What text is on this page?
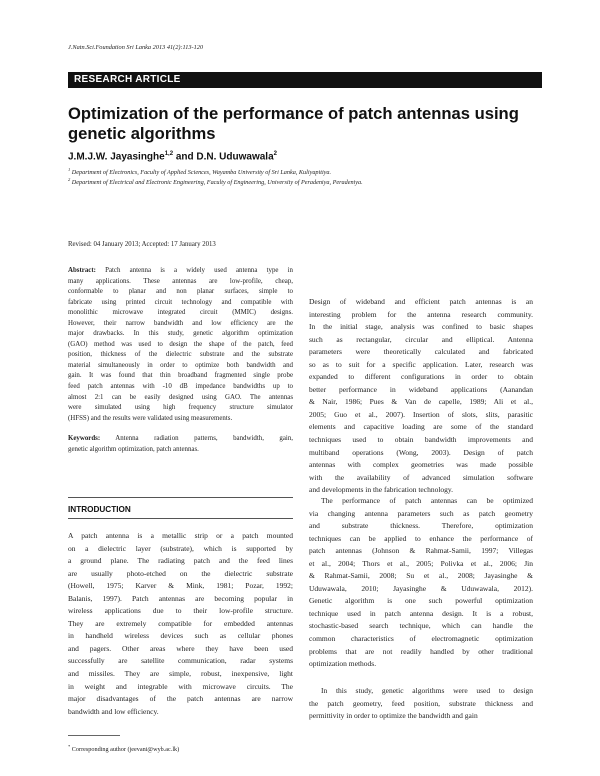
J.Natn.Sci.Foundation Sri Lanka 2013 41(2):113-120
RESEARCH ARTICLE
Optimization of the performance of patch antennas using genetic algorithms
J.M.J.W. Jayasinghe$^{1,2}$ and D.N. Uduwawala$^2$
$^1$ Department of Electronics, Faculty of Applied Sciences, Wayamba University of Sri Lanka, Kuliyapitiya.
$^2$ Department of Electrical and Electronic Engineering, Faculty of Engineering, University of Peradeniya, Peradeniya.
Revised: 04 January 2013; Accepted: 17 January 2013
Abstract: Patch antenna is a widely used antenna type in
many applications. These antennas are low-profile, cheap,
conformable to planar and non planar surfaces, simple to
fabricate using printed circuit technology and compatible with
monolithic microwave integrated circuit (MMIC) designs.
However, their narrow bandwidth and low efficiency are the
major drawbacks. In this study, genetic algorithm optimization
(GAO) method was used to design the shape of the patch, feed
position, thickness of the dielectric substrate and the substrate
material simultaneously in order to optimize both bandwidth and
gain. It was found that thin broadband fragmented single probe
feed patch antennas with -10 dB impedance bandwidths up to
almost 2:1 can be easily designed using GAO. The antennas
were simulated using high frequency structure simulator
(HFSS) and the results were validated using measurements.
Keywords: Antenna radiation patterns, bandwidth, gain,
genetic algorithm optimization, patch antennas.
INTRODUCTION
A patch antenna is a metallic strip or a patch mounted
on a dielectric layer (substrate), which is supported by
a ground plane. The radiating patch and the feed lines
are usually photo-etched on the dielectric substrate
(Howell, 1975; Karver & Mink, 1981; Pozar, 1992;
Balanis, 1997). Patch antennas are becoming popular in
wireless applications due to their low-profile structure.
They are extremely compatible for embedded antennas
in handheld wireless devices such as cellular phones
and pagers. Other areas where they have been used
successfully are satellite communication, radar systems
and missiles. They are simple, robust, inexpensive, light
in weight and integrable with microwave circuits. The
major disadvantages of the patch antennas are narrow
bandwidth and low efficiency.
Design of wideband and efficient patch antennas is an
interesting problem for the antenna research community.
In the initial stage, analysis was confined to basic shapes
such as rectangular, circular and elliptical. Antenna
parameters were theoretically calculated and fabricated
so as to suit for a specific application. Later, research was
expanded to different configurations in order to obtain
better performance in wideband applications (Aanandan
& Nair, 1986; Pues & Van de capelle, 1989; Ali et al.,
2005; Guo et al., 2007). Insertion of slots, slits, parasitic
elements and capacitive loading are some of the standard
techniques used to obtain bandwidth improvements and
multiband operations (Wong, 2003). Design of patch
antennas with complex geometries was made possible
with the availability of advanced simulation software
and developments in the fabrication technology.
The performance of patch antennas can be optimized
via changing antenna parameters such as patch geometry
and substrate thickness. Therefore, optimization
techniques can be applied to enhance the performance of
patch antennas (Johnson & Rahmat-Samii, 1997; Villegas
et al., 2004; Thors et al., 2005; Polivka et al., 2006; Jin
& Rahmat-Samii, 2008; Su et al., 2008; Jayasinghe &
Uduwawala, 2010; Jayasinghe & Uduwawala, 2012).
Genetic algorithm is one such powerful optimization
technique used in patch antenna design. It is a robust,
stochastic-based search technique, which can handle the
common characteristics of electromagnetic optimization
problems that are not readily handled by other traditional
optimization methods.
In this study, genetic algorithms were used to design
the patch geometry, feed position, substrate thickness and
permittivity in order to optimize the bandwidth and gain
* Corresponding author (jeevani@wyb.ac.lk)
